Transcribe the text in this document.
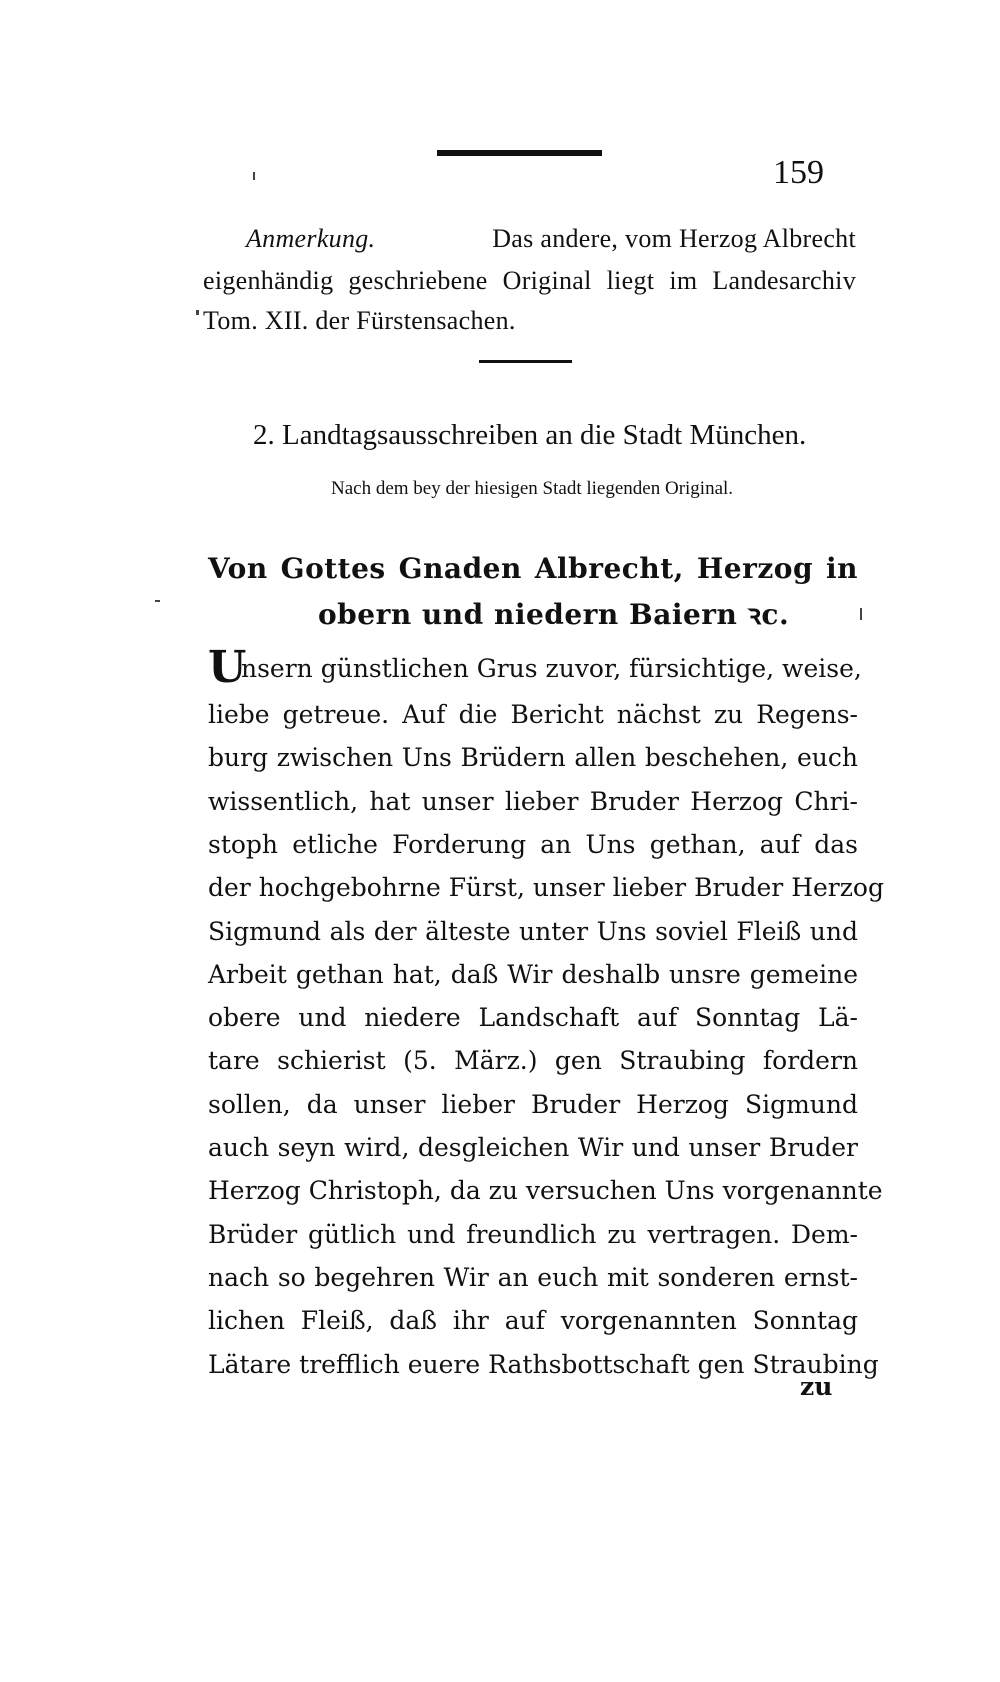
159
Anmerkung.	Das andere, vom Herzog Albrecht
eigenhändig geschriebene Original liegt im Landesarchiv
Tom. XII. der Fürstensachen.
2. Landtagsausschreiben an die Stadt München.
Nach dem bey der hiesigen Stadt liegenden Original.
Von Gottes Gnaden Albrecht, Herzog in
obern und niedern Baiern ꝛc.
U
nsern günstlichen Grus zuvor, fürsichtige, weise,
liebe getreue. Auf die Bericht nächst zu Regens-
burg zwischen Uns Brüdern allen beschehen, euch
wissentlich, hat unser lieber Bruder Herzog Chri-
stoph etliche Forderung an Uns gethan, auf das
der hochgebohrne Fürst, unser lieber Bruder Herzog
Sigmund als der älteste unter Uns soviel Fleiß und
Arbeit gethan hat, daß Wir deshalb unsre gemeine
obere und niedere Landschaft auf Sonntag Lä-
tare schierist (5. März.) gen Straubing fordern
sollen, da unser lieber Bruder Herzog Sigmund
auch seyn wird, desgleichen Wir und unser Bruder
Herzog Christoph, da zu versuchen Uns vorgenannte
Brüder gütlich und freundlich zu vertragen. Dem-
nach so begehren Wir an euch mit sonderen ernst-
lichen Fleiß, daß ihr auf vorgenannten Sonntag
Lätare trefflich euere Rathsbottschaft gen Straubing
zu
